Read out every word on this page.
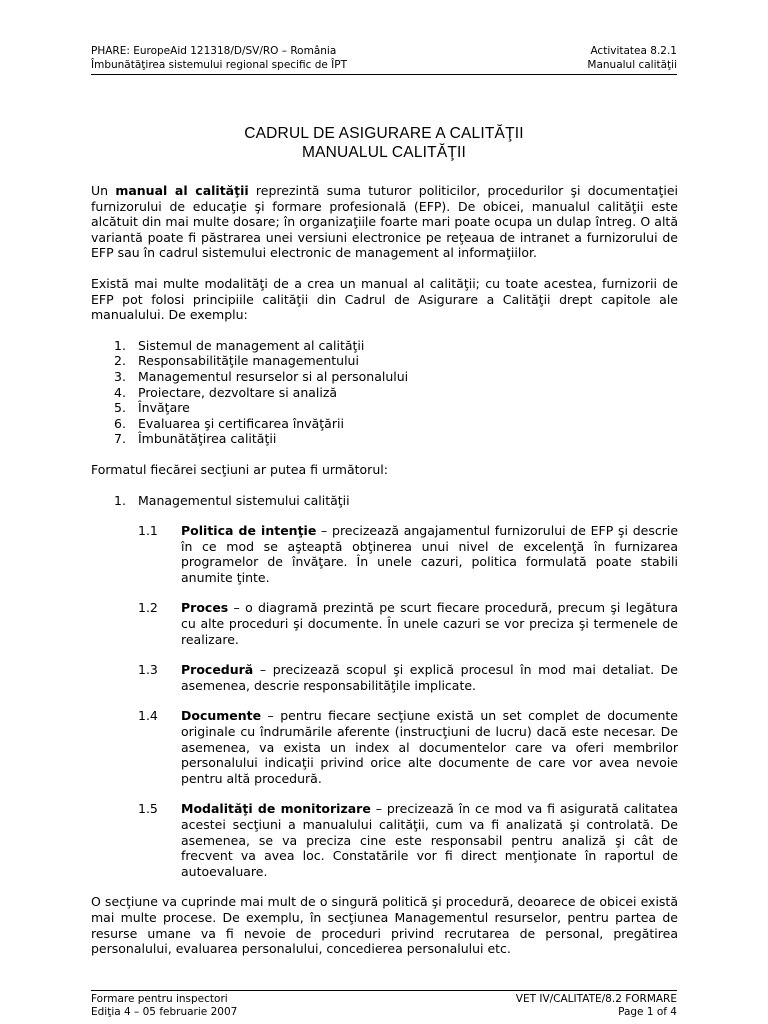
PHARE: EuropeAid 121318/D/SV/RO – România
Îmbunătăţirea sistemului regional specific de ÎPT
Activitatea 8.2.1
Manualul calităţii
CADRUL DE ASIGURARE A CALITĂŢII
MANUALUL CALITĂŢII

Un manual al calităţii reprezintă suma tuturor politicilor, procedurilor şi documentaţiei furnizorului de educaţie şi formare profesională (EFP). De obicei, manualul calităţii este alcătuit din mai multe dosare; în organizaţiile foarte mari poate ocupa un dulap întreg. O altă variantă poate fi păstrarea unei versiuni electronice pe reţeaua de intranet a furnizorului de EFP sau în cadrul sistemului electronic de management al informaţiilor.

Există mai multe modalităţi de a crea un manual al calităţii; cu toate acestea, furnizorii de EFP pot folosi principiile calităţii din Cadrul de Asigurare a Calităţii drept capitole ale manualului. De exemplu:

1. Sistemul de management al calităţii
2. Responsabilităţile managementului
3. Managementul resurselor si al personalului
4. Proiectare, dezvoltare si analiză
5. Învăţare
6. Evaluarea şi certificarea învăţării
7. Îmbunătăţirea calităţii

Formatul fiecărei secţiuni ar putea fi următorul:

1. Managementul sistemului calităţii
1.1 Politica de intenţie – precizează angajamentul furnizorului de EFP şi descrie în ce mod se aşteaptă obţinerea unui nivel de excelenţă în furnizarea programelor de învăţare. În unele cazuri, politica formulată poate stabili anumite ţinte.
1.2 Proces – o diagramă prezintă pe scurt fiecare procedură, precum şi legătura cu alte proceduri şi documente. În unele cazuri se vor preciza şi termenele de realizare.
1.3 Procedură – precizează scopul şi explică procesul în mod mai detaliat. De asemenea, descrie responsabilităţile implicate.
1.4 Documente – pentru fiecare secţiune există un set complet de documente originale cu îndrumările aferente (instrucţiuni de lucru) dacă este necesar. De asemenea, va exista un index al documentelor care va oferi membrilor personalului indicaţii privind orice alte documente de care vor avea nevoie pentru altă procedură.
1.5 Modalităţi de monitorizare – precizează în ce mod va fi asigurată calitatea acestei secţiuni a manualului calităţii, cum va fi analizată şi controlată. De asemenea, se va preciza cine este responsabil pentru analiză şi cât de frecvent va avea loc. Constatările vor fi direct menţionate în raportul de autoevaluare.

O secţiune va cuprinde mai mult de o singură politică şi procedură, deoarece de obicei există mai multe procese. De exemplu, în secţiunea Managementul resurselor, pentru partea de resurse umane va fi nevoie de proceduri privind recrutarea de personal, pregătirea personalului, evaluarea personalului, concedierea personalului etc.

Formare pentru inspectori
Ediţia 4 – 05 februarie 2007
VET IV/CALITATE/8.2 FORMARE
Page 1 of 4
